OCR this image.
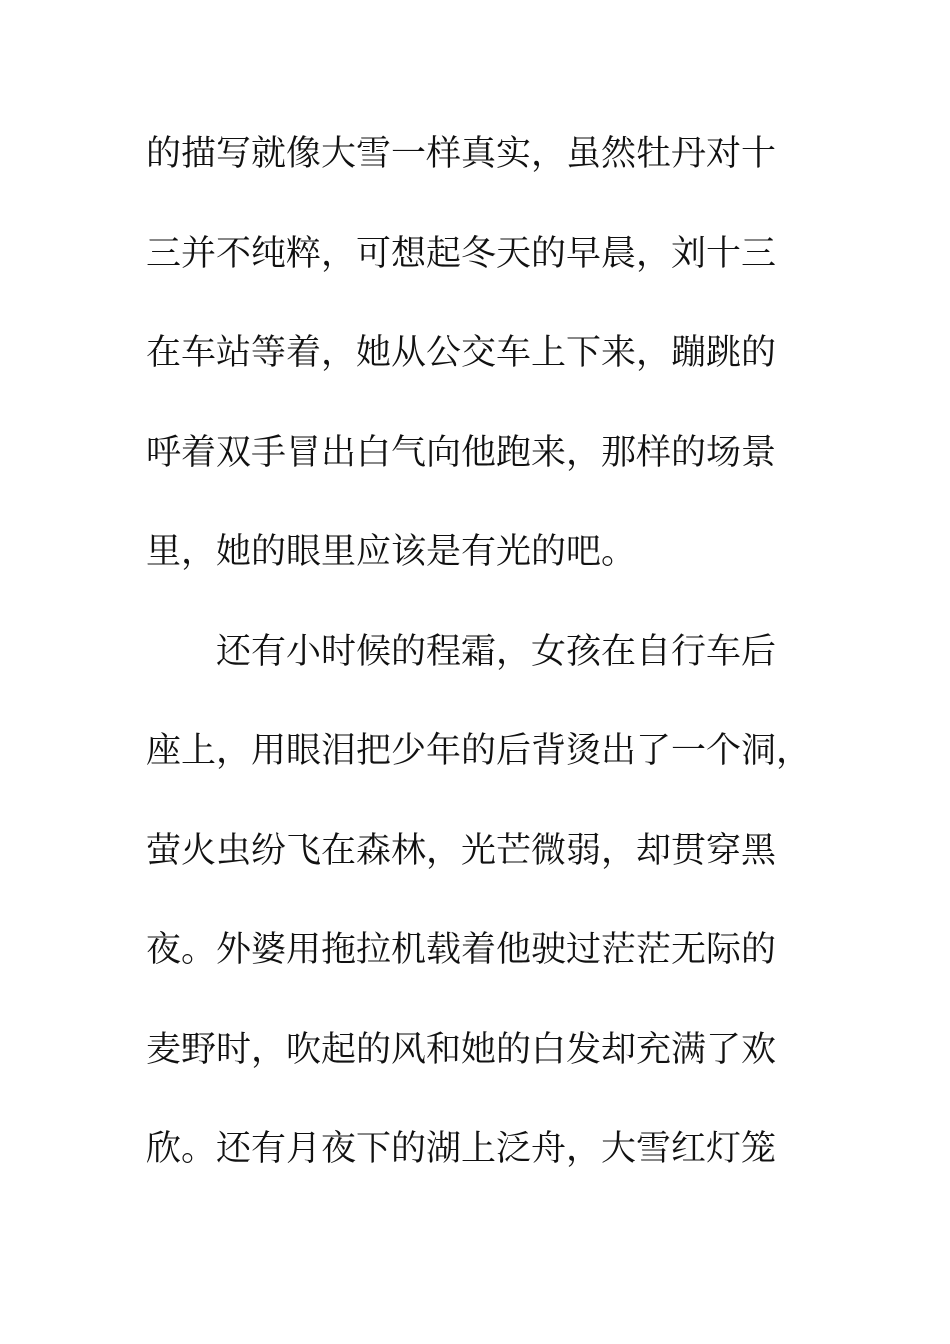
的描写就像大雪一样真实，虽然牡丹对十
三并不纯粹，可想起冬天的早晨，刘十三
在车站等着，她从公交车上下来，蹦跳的
呼着双手冒出白气向他跑来，那样的场景
里，她的眼里应该是有光的吧。
还有小时候的程霜，女孩在自行车后
座上，用眼泪把少年的后背烫出了一个洞，
萤火虫纷飞在森林，光芒微弱，却贯穿黑
夜。外婆用拖拉机载着他驶过茫茫无际的
麦野时，吹起的风和她的白发却充满了欢
欣。还有月夜下的湖上泛舟，大雪红灯笼
